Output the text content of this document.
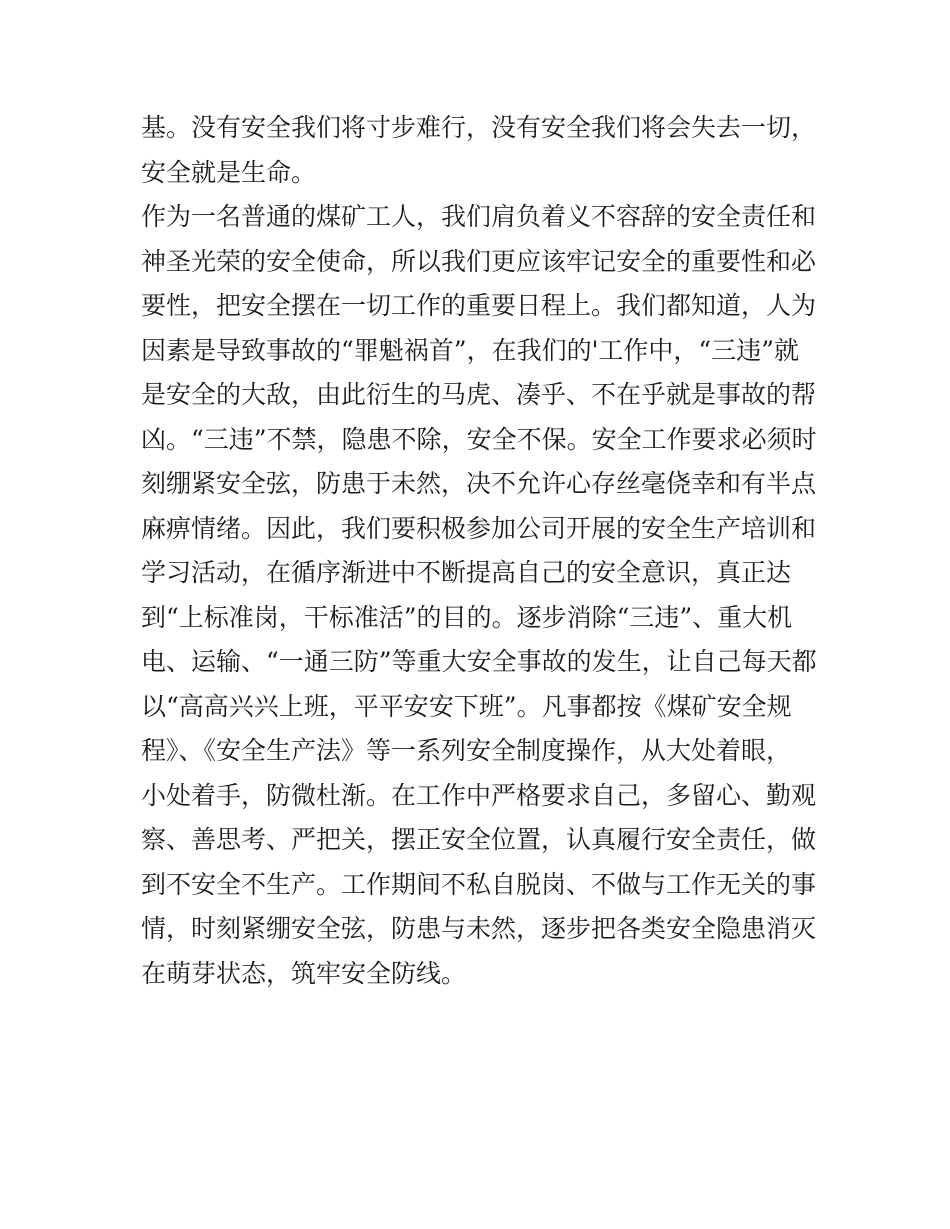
基。没有安全我们将寸步难行，没有安全我们将会失去一切，

安全就是生命。

作为一名普通的煤矿工人，我们肩负着义不容辞的安全责任和

神圣光荣的安全使命，所以我们更应该牢记安全的重要性和必

要性，把安全摆在一切工作的重要日程上。我们都知道，人为

因素是导致事故的“罪魁祸首”，在我们的'工作中，“三违”就

是安全的大敌，由此衍生的马虎、凑乎、不在乎就是事故的帮

凶。“三违”不禁，隐患不除，安全不保。安全工作要求必须时

刻绷紧安全弦，防患于未然，决不允许心存丝毫侥幸和有半点

麻痹情绪。因此，我们要积极参加公司开展的安全生产培训和

学习活动，在循序渐进中不断提高自己的安全意识，真正达

到“上标准岗，干标准活”的目的。逐步消除“三违”、重大机

电、运输、“一通三防”等重大安全事故的发生，让自己每天都

以“高高兴兴上班，平平安安下班”。凡事都按《煤矿安全规

程》、《安全生产法》等一系列安全制度操作，从大处着眼，

小处着手，防微杜渐。在工作中严格要求自己，多留心、勤观

察、善思考、严把关，摆正安全位置，认真履行安全责任，做

到不安全不生产。工作期间不私自脱岗、不做与工作无关的事

情，时刻紧绷安全弦，防患与未然，逐步把各类安全隐患消灭

在萌芽状态，筑牢安全防线。
